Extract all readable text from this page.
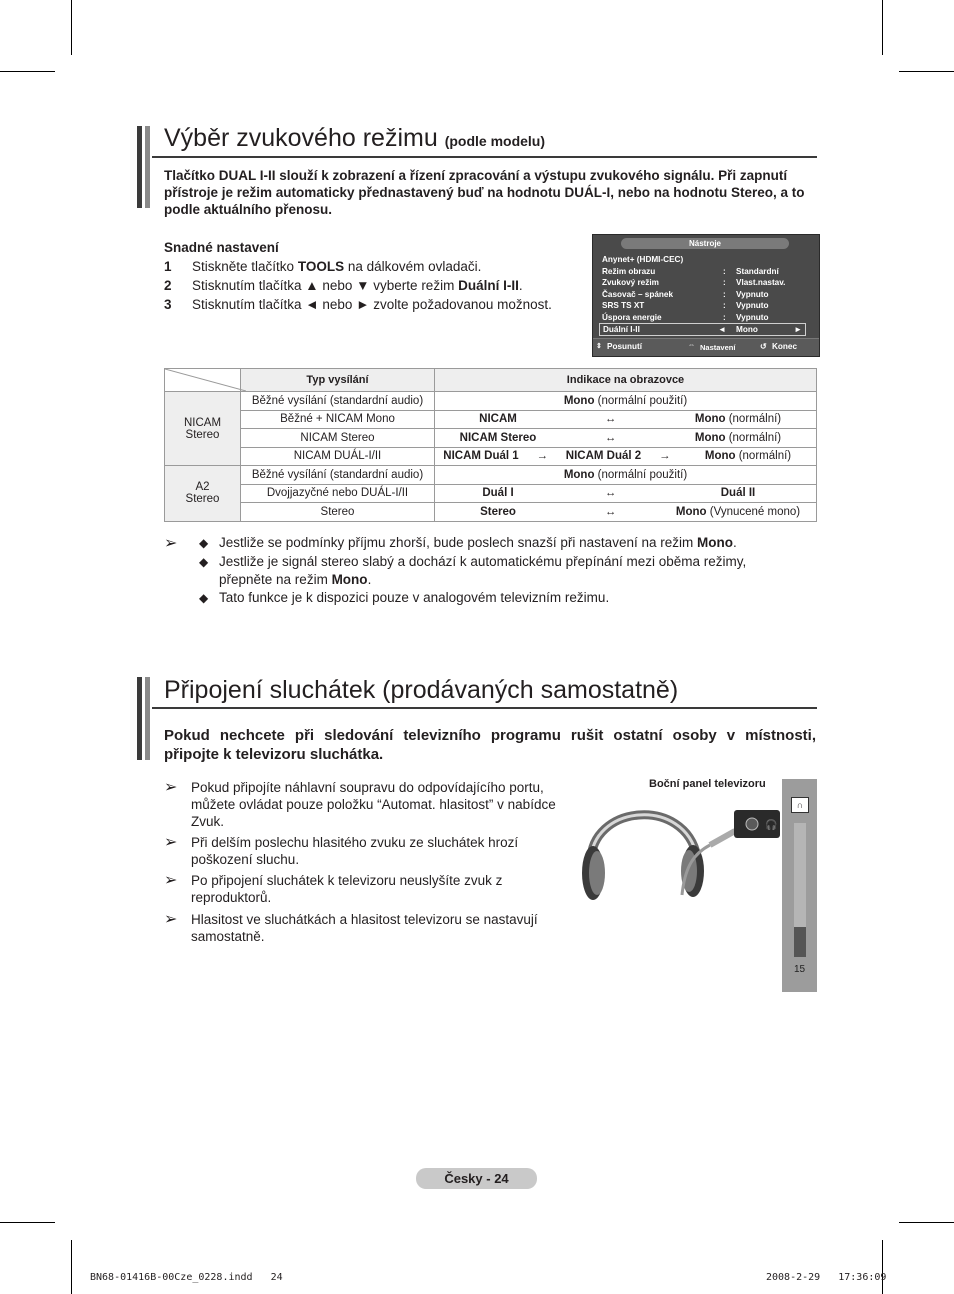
Výběr zvukového režimu (podle modelu)

Tlačítko DUAL I-II slouží k zobrazení a řízení zpracování a výstupu zvukového signálu. Při zapnutí přístroje je režim automaticky přednastavený buď na hodnotu DUÁL-I, nebo na hodnotu Stereo, a to podle aktuálního přenosu.

Snadné nastavení

1 Stiskněte tlačítko TOOLS na dálkovém ovladači.
2 Stisknutím tlačítka ▲ nebo ▼ vyberte režim Duální I-II.
3 Stisknutím tlačítka ◄ nebo ► zvolte požadovanou možnost.
Nástroje
Anynet+ (HDMI-CEC)
Režim obrazu	: Standardní
Zvukový režim	: Vlast.nastav.
Časovač – spánek	: Vypnuto
SRS TS XT	: Vypnuto
Úspora energie	: Vypnuto
Duální I-II	◄ Mono	►
⇕ Posunutí	⇔ Nastavení	↺ Konec
	Typ vysílání	Indikace na obrazovce

NICAM Stereo	Běžné vysílání (standardní audio)	Mono (normální použití)
	Běžné + NICAM Mono	NICAM ↔ Mono (normální)

	NICAM Stereo	NICAM Stereo ↔ Mono (normální)

	NICAM DUÁL-I/II	NICAM Duál 1 → NICAM Duál 2 → Mono (normální)

A2 Stereo	Běžné vysílání (standardní audio)	Mono (normální použití)
	Dvojjazyčné nebo DUÁL-I/II	Duál I ↔ Duál II

	Stereo	Stereo ↔ Mono (Vynucené mono)
➢ ◆ Jestliže se podmínky příjmu zhorší, bude poslech snazší při nastavení na režim Mono.
◆ Jestliže je signál stereo slabý a dochází k automatickému přepínání mezi oběma režimy, přepněte na režim Mono.
◆ Tato funkce je k dispozici pouze v analogovém televizním režimu.
Připojení sluchátek (prodávaných samostatně)

Pokud nechcete při sledování televizního programu rušit ostatní osoby v místnosti, připojte k televizoru sluchátka.

➢ Pokud připojíte náhlavní soupravu do odpovídajícího portu, můžete ovládat pouze položku “Automat. hlasitost” v nabídce Zvuk.
➢ Při delším poslechu hlasitého zvuku ze sluchátek hrozí poškození sluchu.
➢ Po připojení sluchátek k televizoru neuslyšíte zvuk z reproduktorů.
➢ Hlasitost ve sluchátkách a hlasitost televizoru se nastavují samostatně.
Boční panel televizoru
🎧
∩
15
Česky - 24
BN68-01416B-00Cze_0228.indd   24	2008-2-29   17:36:09
